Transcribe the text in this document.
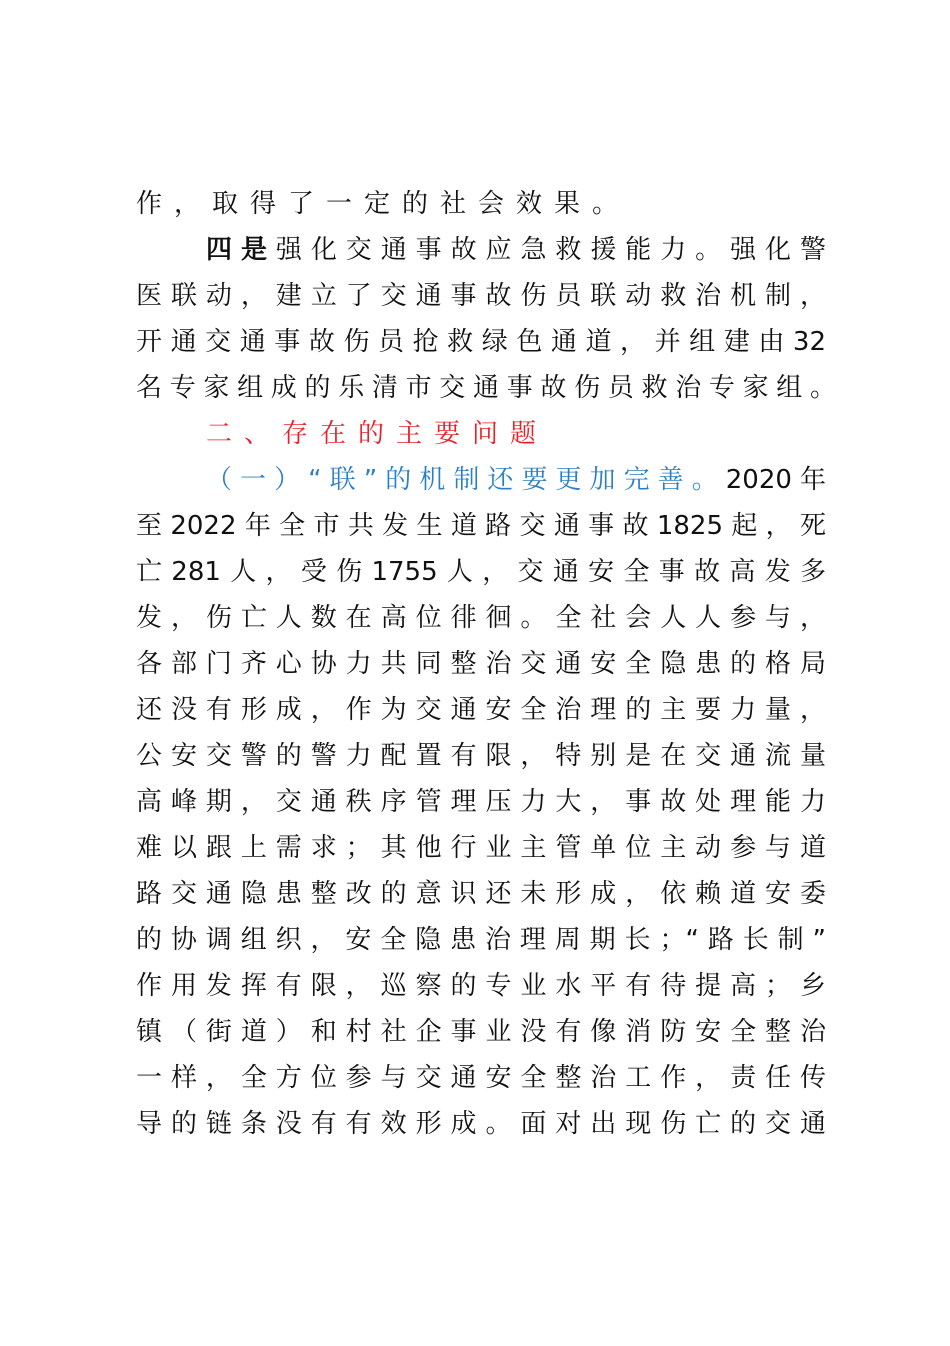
作，取得了一定的社会效果。
四是强化交通事故应急救援能力。强化警
医联动，建立了交通事故伤员联动救治机制，
开通交通事故伤员抢救绿色通道，并组建由32
名专家组成的乐清市交通事故伤员救治专家组。
二、存在的主要问题
（一）“联”的机制还要更加完善。2020年
至2022年全市共发生道路交通事故1825起，死
亡281人，受伤1755人，交通安全事故高发多
发，伤亡人数在高位徘徊。全社会人人参与，
各部门齐心协力共同整治交通安全隐患的格局
还没有形成，作为交通安全治理的主要力量，
公安交警的警力配置有限，特别是在交通流量
高峰期，交通秩序管理压力大，事故处理能力
难以跟上需求；其他行业主管单位主动参与道
路交通隐患整改的意识还未形成，依赖道安委
的协调组织，安全隐患治理周期长；“路长制”
作用发挥有限，巡察的专业水平有待提高；乡
镇（街道）和村社企事业没有像消防安全整治
一样，全方位参与交通安全整治工作，责任传
导的链条没有有效形成。面对出现伤亡的交通
